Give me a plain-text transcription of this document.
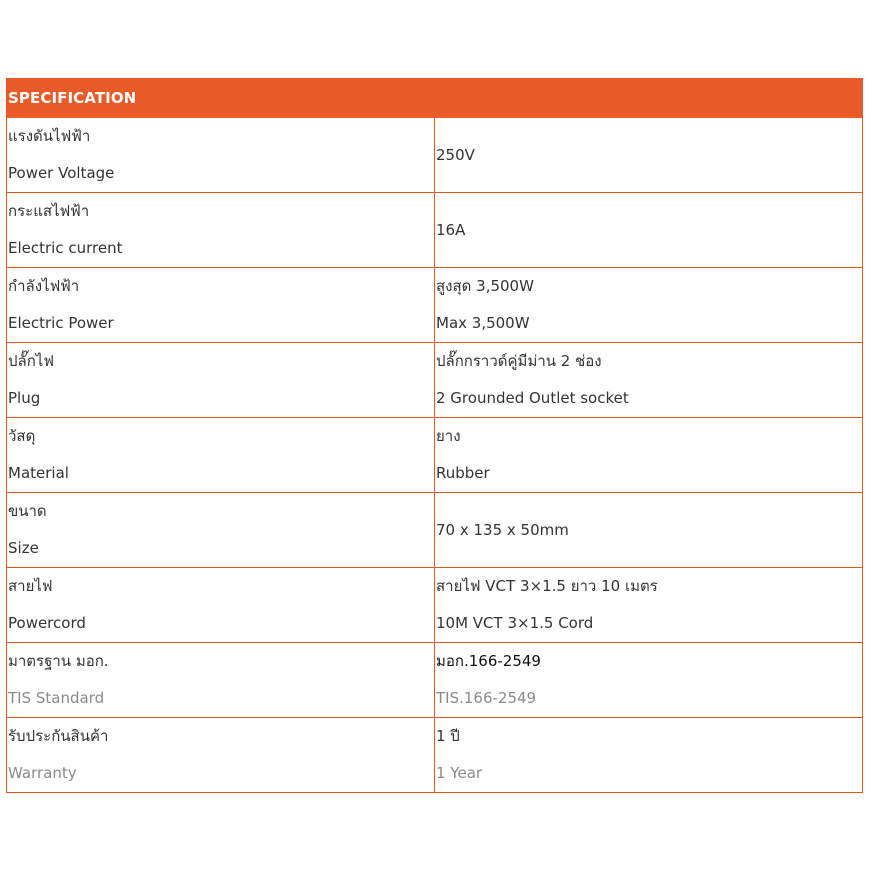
SPECIFICATION	

แรงดันไฟฟ้า
Power Voltage	250V

กระแสไฟฟ้า
Electric current	16A

กำลังไฟฟ้า
Electric Power	สูงสุด 3,500W
Max 3,500W

ปลั๊กไฟ
Plug	ปลั๊กกราวด์คู่มีม่าน 2 ช่อง
2 Grounded Outlet socket

วัสดุ
Material	ยาง
Rubber

ขนาด
Size	70 x 135 x 50mm

สายไฟ
Powercord	สายไฟ VCT 3×1.5 ยาว 10 เมตร
10M VCT 3×1.5 Cord

มาตรฐาน มอก.
TIS Standard	มอก.166-2549
TIS.166-2549

รับประกันสินค้า
Warranty	1 ปี
1 Year
